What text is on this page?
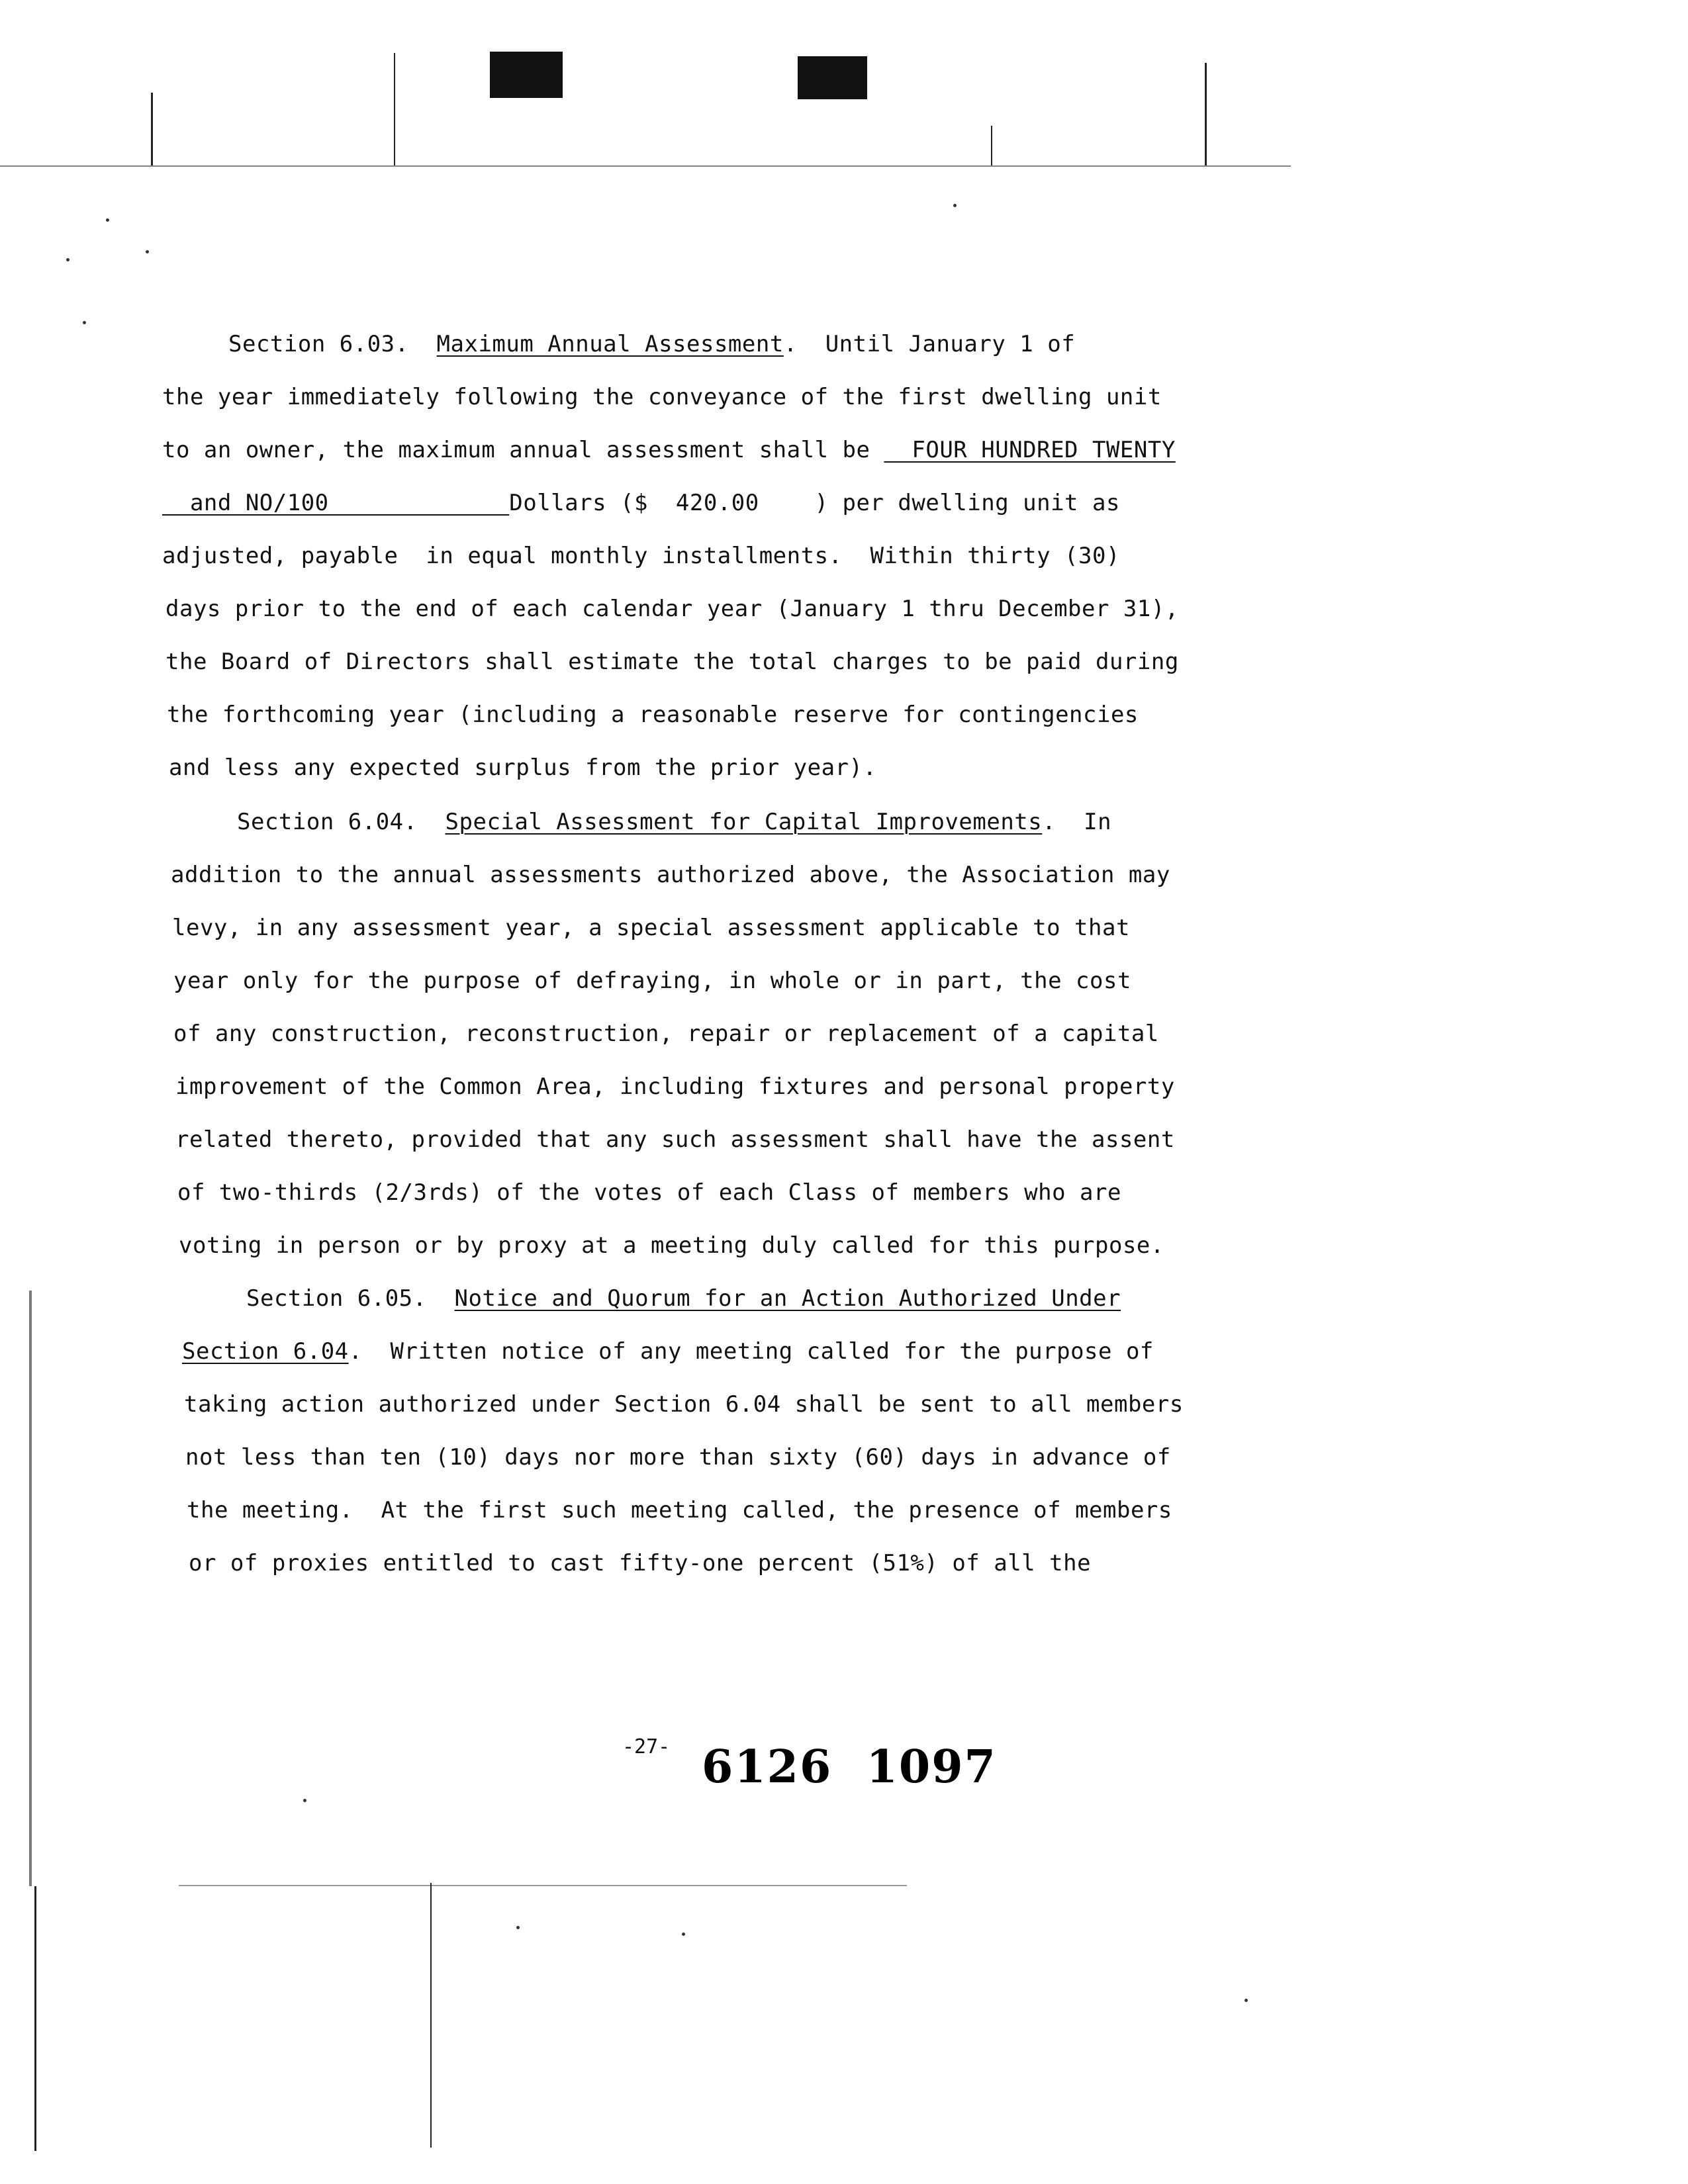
Section 6.03.  Maximum Annual Assessment.  Until January 1 of
the year immediately following the conveyance of the first dwelling unit
to an owner, the maximum annual assessment shall be   FOUR HUNDRED TWENTY
and NO/100             Dollars ($  420.00    ) per dwelling unit as
adjusted, payable  in equal monthly installments.  Within thirty (30)
days prior to the end of each calendar year (January 1 thru December 31),
the Board of Directors shall estimate the total charges to be paid during
the forthcoming year (including a reasonable reserve for contingencies
and less any expected surplus from the prior year).
Section 6.04.  Special Assessment for Capital Improvements.  In
addition to the annual assessments authorized above, the Association may
levy, in any assessment year, a special assessment applicable to that
year only for the purpose of defraying, in whole or in part, the cost
of any construction, reconstruction, repair or replacement of a capital
improvement of the Common Area, including fixtures and personal property
related thereto, provided that any such assessment shall have the assent
of two-thirds (2/3rds) of the votes of each Class of members who are
voting in person or by proxy at a meeting duly called for this purpose.
Section 6.05.  Notice and Quorum for an Action Authorized Under
Section 6.04.  Written notice of any meeting called for the purpose of
taking action authorized under Section 6.04 shall be sent to all members
not less than ten (10) days nor more than sixty (60) days in advance of
the meeting.  At the first such meeting called, the presence of members
or of proxies entitled to cast fifty-one percent (51%) of all the
-27- 6126  1097
